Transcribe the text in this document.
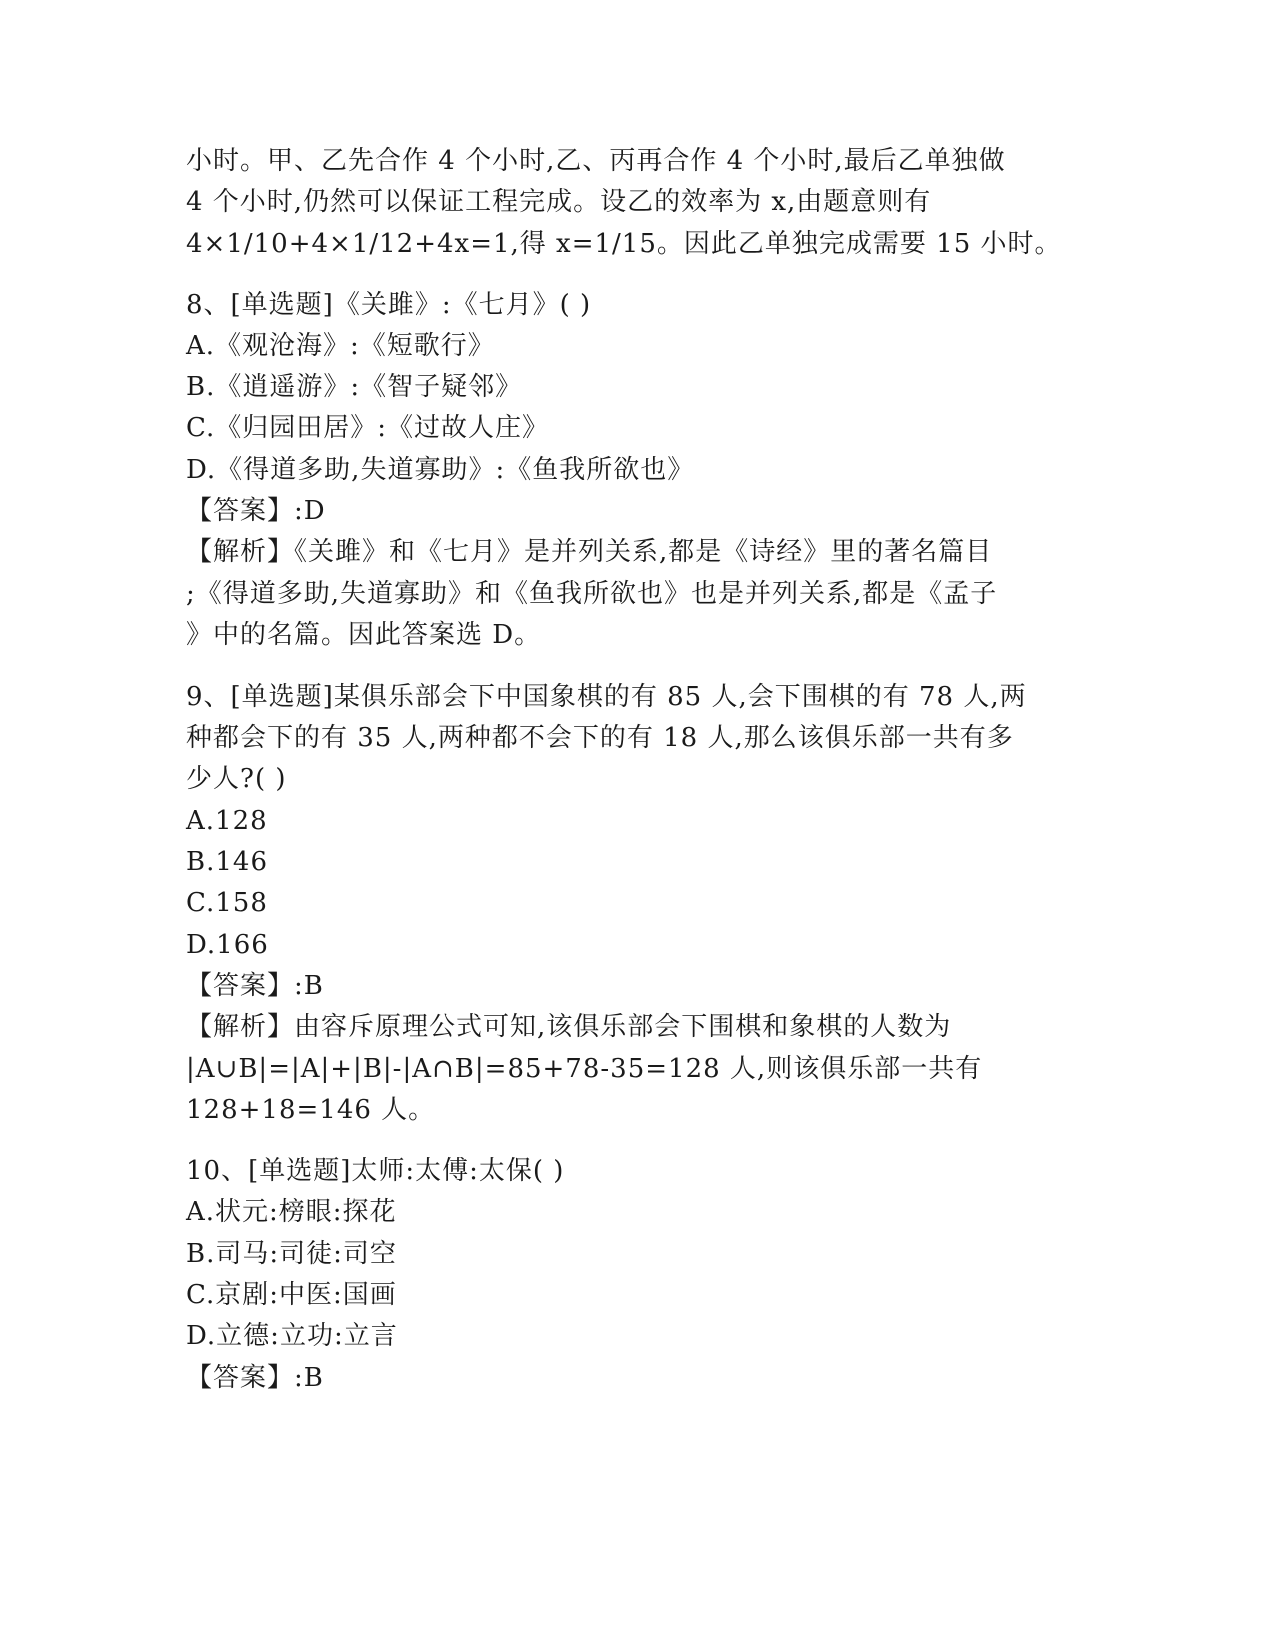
小时。甲、乙先合作 4 个小时,乙、丙再合作 4 个小时,最后乙单独做
4 个小时,仍然可以保证工程完成。设乙的效率为 x,由题意则有
4×1/10+4×1/12+4x=1,得 x=1/15。因此乙单独完成需要 15 小时。
8、[单选题]《关雎》:《七月》( )
A.《观沧海》:《短歌行》
B.《逍遥游》:《智子疑邻》
C.《归园田居》:《过故人庄》
D.《得道多助,失道寡助》:《鱼我所欲也》
【答案】:D
【解析】《关雎》和《七月》是并列关系,都是《诗经》里的著名篇目
;《得道多助,失道寡助》和《鱼我所欲也》也是并列关系,都是《孟子
》中的名篇。因此答案选 D。
9、[单选题]某俱乐部会下中国象棋的有 85 人,会下围棋的有 78 人,两
种都会下的有 35 人,两种都不会下的有 18 人,那么该俱乐部一共有多
少人?( )
A.128
B.146
C.158
D.166
【答案】:B
【解析】由容斥原理公式可知,该俱乐部会下围棋和象棋的人数为
|A∪B|=|A|+|B|-|A∩B|=85+78-35=128 人,则该俱乐部一共有
128+18=146 人。
10、[单选题]太师:太傅:太保( )
A.状元:榜眼:探花
B.司马:司徒:司空
C.京剧:中医:国画
D.立德:立功:立言
【答案】:B
